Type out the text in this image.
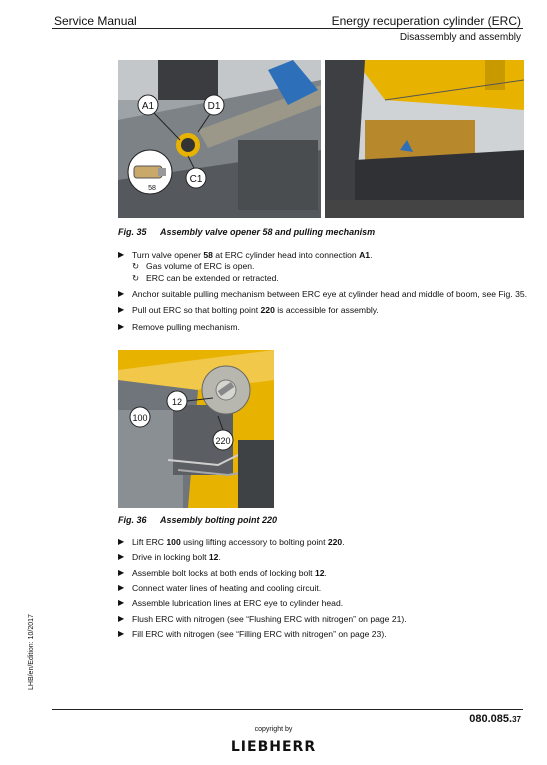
Service Manual	Energy recuperation cylinder (ERC)
Disassembly and assembly
A1	D1
C1
58
Fig. 35 Assembly valve opener 58 and pulling mechanism
▶ Turn valve opener 58 at ERC cylinder head into connection A1.
↻ Gas volume of ERC is open.
↻ ERC can be extended or retracted.
▶ Anchor suitable pulling mechanism between ERC eye at cylinder head and middle of boom, see Fig. 35.
▶ Pull out ERC so that bolting point 220 is accessible for assembly.
▶ Remove pulling mechanism.
12
100
220
Fig. 36 Assembly bolting point 220
▶ Lift ERC 100 using lifting accessory to bolting point 220.
▶ Drive in locking bolt 12.
▶ Assemble bolt locks at both ends of locking bolt 12.
▶ Connect water lines of heating and cooling circuit.
▶ Assemble lubrication lines at ERC eye to cylinder head.
▶ Flush ERC with nitrogen (see “Flushing ERC with nitrogen” on page 21).
▶ Fill ERC with nitrogen (see “Filling ERC with nitrogen” on page 23).
LHB/en/Edition: 10/2017
080.085.37
copyright by
LIEBHERR
